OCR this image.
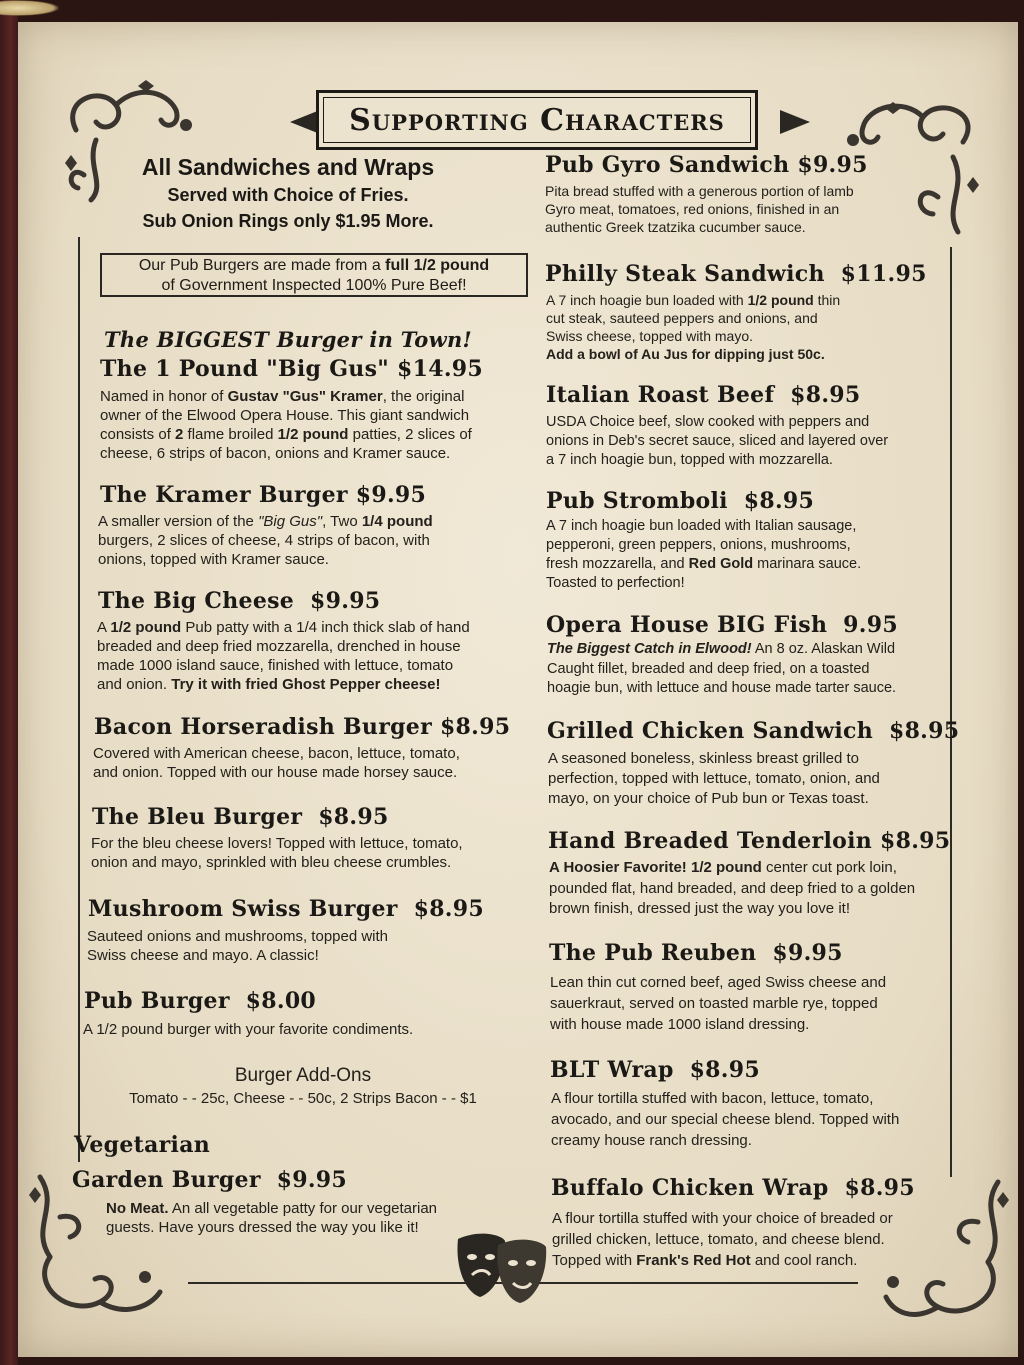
Supporting Characters
All Sandwiches and Wraps
Served with Choice of Fries.
Sub Onion Rings only $1.95 More.
Our Pub Burgers are made from a full 1/2 pound
of Government Inspected 100% Pure Beef!
The BIGGEST Burger in Town!
The 1 Pound "Big Gus" $14.95
Named in honor of Gustav "Gus" Kramer, the original
owner of the Elwood Opera House. This giant sandwich
consists of 2 flame broiled 1/2 pound patties, 2 slices of
cheese, 6 strips of bacon, onions and Kramer sauce.
The Kramer Burger $9.95
A smaller version of the "Big Gus", Two 1/4 pound
burgers, 2 slices of cheese, 4 strips of bacon, with
onions, topped with Kramer sauce.
The Big Cheese  $9.95
A 1/2 pound Pub patty with a 1/4 inch thick slab of hand
breaded and deep fried mozzarella, drenched in house
made 1000 island sauce, finished with lettuce, tomato
and onion. Try it with fried Ghost Pepper cheese!
Bacon Horseradish Burger $8.95
Covered with American cheese, bacon, lettuce, tomato,
and onion. Topped with our house made horsey sauce.
The Bleu Burger  $8.95
For the bleu cheese lovers! Topped with lettuce, tomato,
onion and mayo, sprinkled with bleu cheese crumbles.
Mushroom Swiss Burger  $8.95
Sauteed onions and mushrooms, topped with
Swiss cheese and mayo. A classic!
Pub Burger  $8.00
A 1/2 pound burger with your favorite condiments.
Burger Add-Ons
Tomato - - 25c, Cheese - - 50c, 2 Strips Bacon - - $1
Vegetarian
Garden Burger  $9.95
No Meat. An all vegetable patty for our vegetarian
guests. Have yours dressed the way you like it!
Pub Gyro Sandwich $9.95
Pita bread stuffed with a generous portion of lamb
Gyro meat, tomatoes, red onions, finished in an
authentic Greek tzatzika cucumber sauce.
Philly Steak Sandwich  $11.95
A 7 inch hoagie bun loaded with 1/2 pound thin
cut steak, sauteed peppers and onions, and
Swiss cheese, topped with mayo.
Add a bowl of Au Jus for dipping just 50c.
Italian Roast Beef  $8.95
USDA Choice beef, slow cooked with peppers and
onions in Deb's secret sauce, sliced and layered over
a 7 inch hoagie bun, topped with mozzarella.
Pub Stromboli  $8.95
A 7 inch hoagie bun loaded with Italian sausage,
pepperoni, green peppers, onions, mushrooms,
fresh mozzarella, and Red Gold marinara sauce.
Toasted to perfection!
Opera House BIG Fish  9.95
The Biggest Catch in Elwood! An 8 oz. Alaskan Wild
Caught fillet, breaded and deep fried, on a toasted
hoagie bun, with lettuce and house made tarter sauce.
Grilled Chicken Sandwich  $8.95
A seasoned boneless, skinless breast grilled to
perfection, topped with lettuce, tomato, onion, and
mayo, on your choice of Pub bun or Texas toast.
Hand Breaded Tenderloin $8.95
A Hoosier Favorite! 1/2 pound center cut pork loin,
pounded flat, hand breaded, and deep fried to a golden
brown finish, dressed just the way you love it!
The Pub Reuben  $9.95
Lean thin cut corned beef, aged Swiss cheese and
sauerkraut, served on toasted marble rye, topped
with house made 1000 island dressing.
BLT Wrap  $8.95
A flour tortilla stuffed with bacon, lettuce, tomato,
avocado, and our special cheese blend. Topped with
creamy house ranch dressing.
Buffalo Chicken Wrap  $8.95
A flour tortilla stuffed with your choice of breaded or
grilled chicken, lettuce, tomato, and cheese blend.
Topped with Frank's Red Hot and cool ranch.
